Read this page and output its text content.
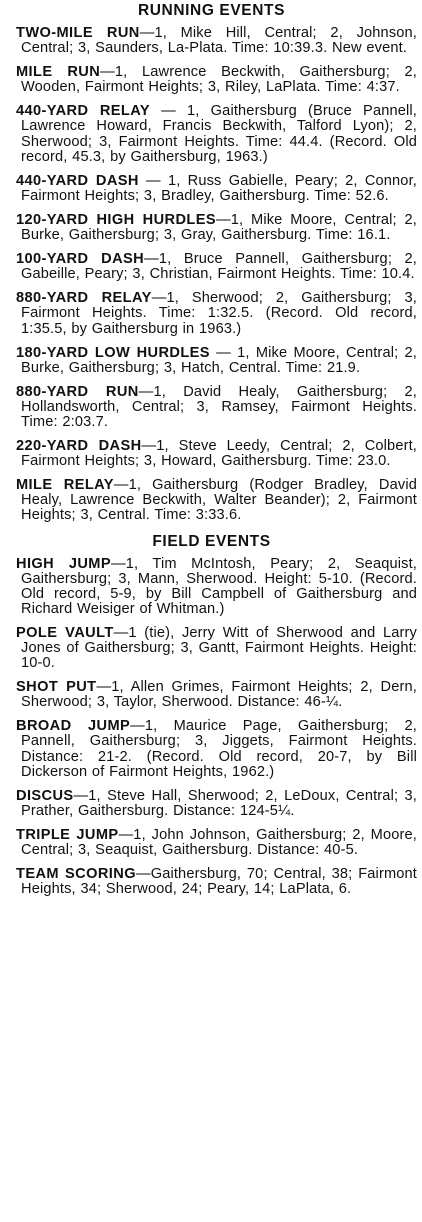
RUNNING EVENTS

TWO-MILE RUN—1, Mike Hill, Central; 2, Johnson, Central; 3, Saunders, La-Plata. Time: 10:39.3. New event.

MILE RUN—1, Lawrence Beckwith, Gaithersburg; 2, Wooden, Fairmont Heights; 3, Riley, LaPlata. Time: 4:37.

440-YARD RELAY — 1, Gaithersburg (Bruce Pannell, Lawrence Howard, Francis Beckwith, Talford Lyon); 2, Sherwood; 3, Fairmont Heights. Time: 44.4. (Record. Old record, 45.3, by Gaithersburg, 1963.)

440-YARD DASH — 1, Russ Gabielle, Peary; 2, Connor, Fairmont Heights; 3, Bradley, Gaithersburg. Time: 52.6.

120-YARD HIGH HURDLES—1, Mike Moore, Central; 2, Burke, Gaithersburg; 3, Gray, Gaithersburg. Time: 16.1.

100-YARD DASH—1, Bruce Pannell, Gaithersburg; 2, Gabeille, Peary; 3, Christian, Fairmont Heights. Time: 10.4.

880-YARD RELAY—1, Sherwood; 2, Gaithersburg; 3, Fairmont Heights. Time: 1:32.5. (Record. Old record, 1:35.5, by Gaithersburg in 1963.)

180-YARD LOW HURDLES — 1, Mike Moore, Central; 2, Burke, Gaithersburg; 3, Hatch, Central. Time: 21.9.

880-YARD RUN—1, David Healy, Gaithersburg; 2, Hollandsworth, Central; 3, Ramsey, Fairmont Heights. Time: 2:03.7.

220-YARD DASH—1, Steve Leedy, Central; 2, Colbert, Fairmont Heights; 3, Howard, Gaithersburg. Time: 23.0.

MILE RELAY—1, Gaithersburg (Rodger Bradley, David Healy, Lawrence Beckwith, Walter Beander); 2, Fairmont Heights; 3, Central. Time: 3:33.6.

FIELD EVENTS

HIGH JUMP—1, Tim McIntosh, Peary; 2, Seaquist, Gaithersburg; 3, Mann, Sherwood. Height: 5-10. (Record. Old record, 5-9, by Bill Campbell of Gaithersburg and Richard Weisiger of Whitman.)

POLE VAULT—1 (tie), Jerry Witt of Sherwood and Larry Jones of Gaithersburg; 3, Gantt, Fairmont Heights. Height: 10-0.

SHOT PUT—1, Allen Grimes, Fairmont Heights; 2, Dern, Sherwood; 3, Taylor, Sherwood. Distance: 46-¼.

BROAD JUMP—1, Maurice Page, Gaithersburg; 2, Pannell, Gaithersburg; 3, Jiggets, Fairmont Heights. Distance: 21-2. (Record. Old record, 20-7, by Bill Dickerson of Fairmont Heights, 1962.)

DISCUS—1, Steve Hall, Sherwood; 2, LeDoux, Central; 3, Prather, Gaithersburg. Distance: 124-5¼.

TRIPLE JUMP—1, John Johnson, Gaithersburg; 2, Moore, Central; 3, Seaquist, Gaithersburg. Distance: 40-5.

TEAM SCORING—Gaithersburg, 70; Central, 38; Fairmont Heights, 34; Sherwood, 24; Peary, 14; LaPlata, 6.
